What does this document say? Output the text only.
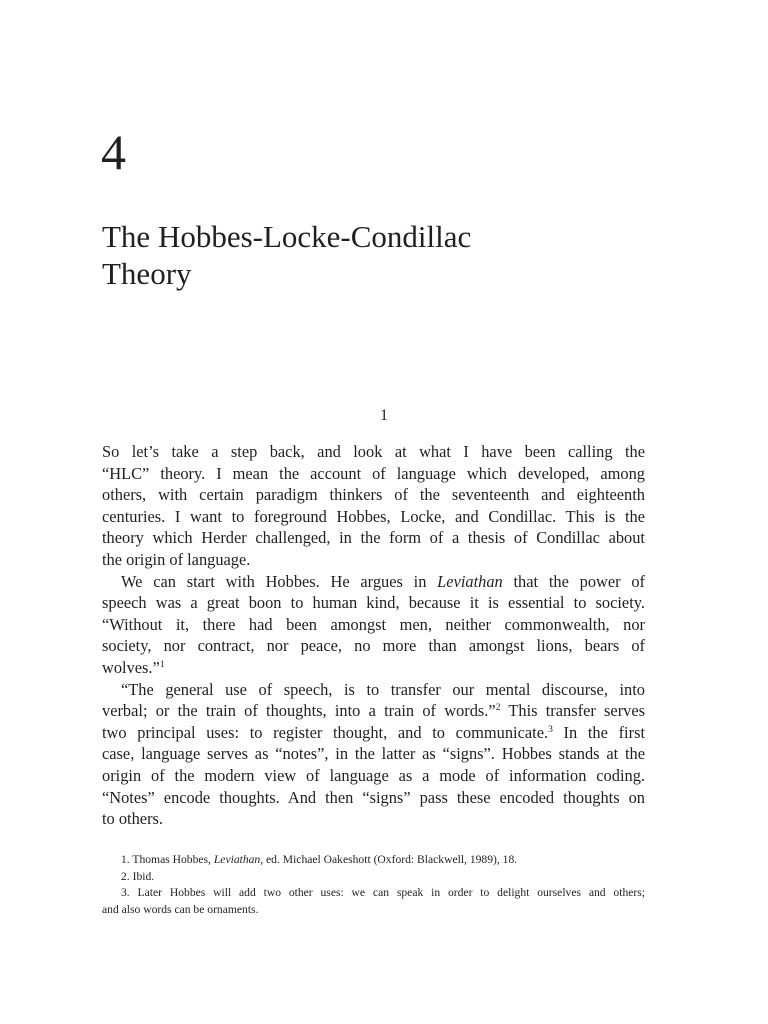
4
The Hobbes-Locke-Condillac
Theory

1

So let’s take a step back, and look at what I have been calling the
“HLC” theory. I mean the account of language which developed, among
others, with certain paradigm thinkers of the seventeenth and eighteenth
centuries. I want to foreground Hobbes, Locke, and Condillac. This is the
theory which Herder challenged, in the form of a thesis of Condillac about
the origin of language.

We can start with Hobbes. He argues in Leviathan that the power of
speech was a great boon to human kind, because it is essential to society.
“Without it, there had been amongst men, neither commonwealth, nor
society, nor contract, nor peace, no more than amongst lions, bears of
wolves.”$^1$

“The general use of speech, is to transfer our mental discourse, into
verbal; or the train of thoughts, into a train of words.”$^2$ This transfer serves
two principal uses: to register thought, and to communicate.$^3$ In the first
case, language serves as “notes”, in the latter as “signs”. Hobbes stands at the
origin of the modern view of language as a mode of information coding.
“Notes” encode thoughts. And then “signs” pass these encoded thoughts on
to others.

1. Thomas Hobbes, Leviathan, ed. Michael Oakeshott (Oxford: Blackwell, 1989), 18.

2. Ibid.

3. Later Hobbes will add two other uses: we can speak in order to delight ourselves and others;
and also words can be ornaments.
